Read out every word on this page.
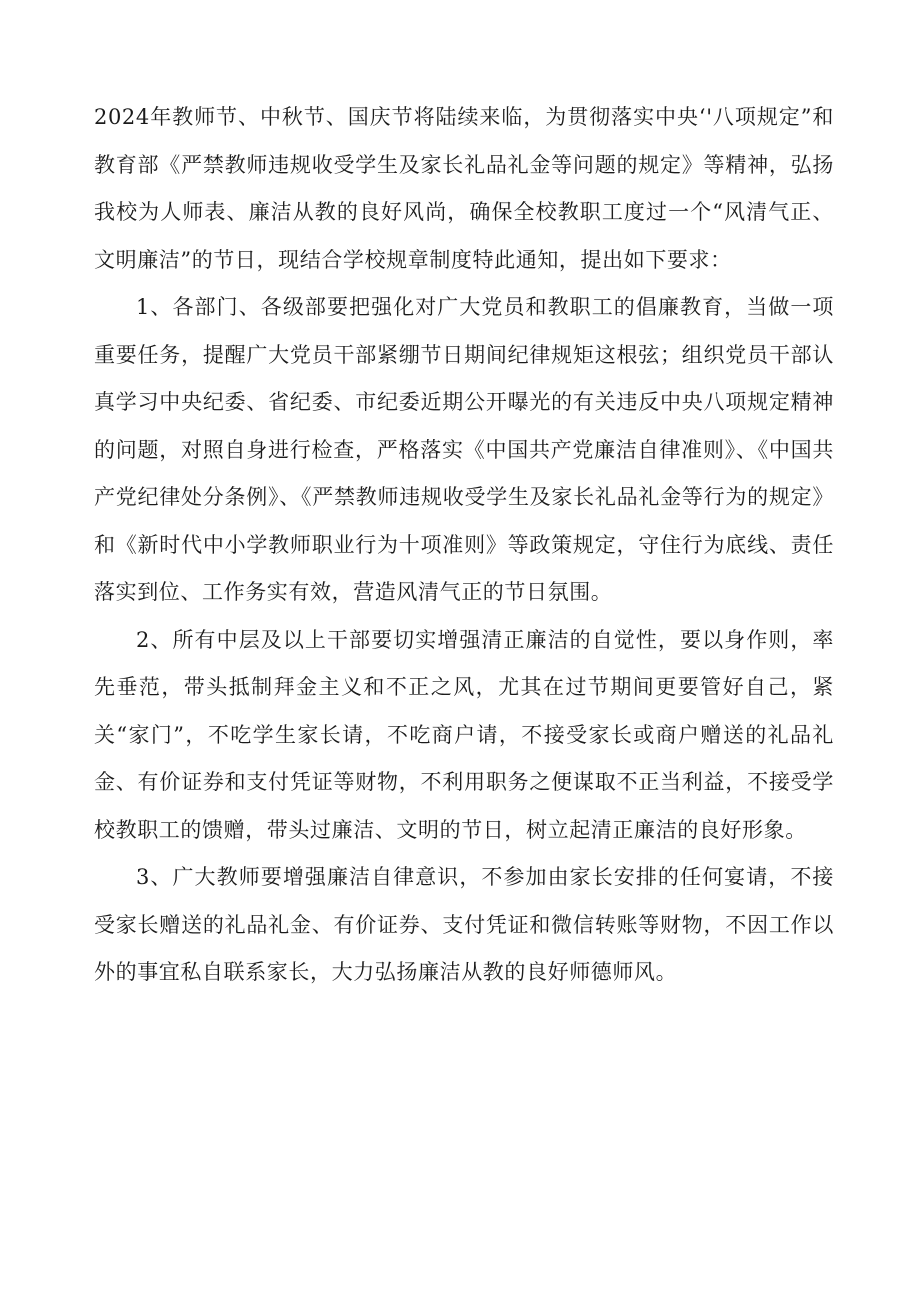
2024年教师节、中秋节、国庆节将陆续来临，为贯彻落实中央‘'八项规定”和教育部《严禁教师违规收受学生及家长礼品礼金等问题的规定》等精神，弘扬我校为人师表、廉洁从教的良好风尚，确保全校教职工度过一个“风清气正、文明廉洁”的节日，现结合学校规章制度特此通知，提出如下要求：

1、各部门、各级部要把强化对广大党员和教职工的倡廉教育，当做一项重要任务，提醒广大党员干部紧绷节日期间纪律规矩这根弦；组织党员干部认真学习中央纪委、省纪委、市纪委近期公开曝光的有关违反中央八项规定精神的问题，对照自身进行检查，严格落实《中国共产党廉洁自律准则》、《中国共产党纪律处分条例》、《严禁教师违规收受学生及家长礼品礼金等行为的规定》和《新时代中小学教师职业行为十项准则》等政策规定，守住行为底线、责任落实到位、工作务实有效，营造风清气正的节日氛围。

2、所有中层及以上干部要切实增强清正廉洁的自觉性，要以身作则，率先垂范，带头抵制拜金主义和不正之风，尤其在过节期间更要管好自己，紧关“家门”，不吃学生家长请，不吃商户请，不接受家长或商户赠送的礼品礼金、有价证券和支付凭证等财物，不利用职务之便谋取不正当利益，不接受学校教职工的馈赠，带头过廉洁、文明的节日，树立起清正廉洁的良好形象。

3、广大教师要增强廉洁自律意识，不参加由家长安排的任何宴请，不接受家长赠送的礼品礼金、有价证券、支付凭证和微信转账等财物，不因工作以外的事宜私自联系家长，大力弘扬廉洁从教的良好师德师风。
